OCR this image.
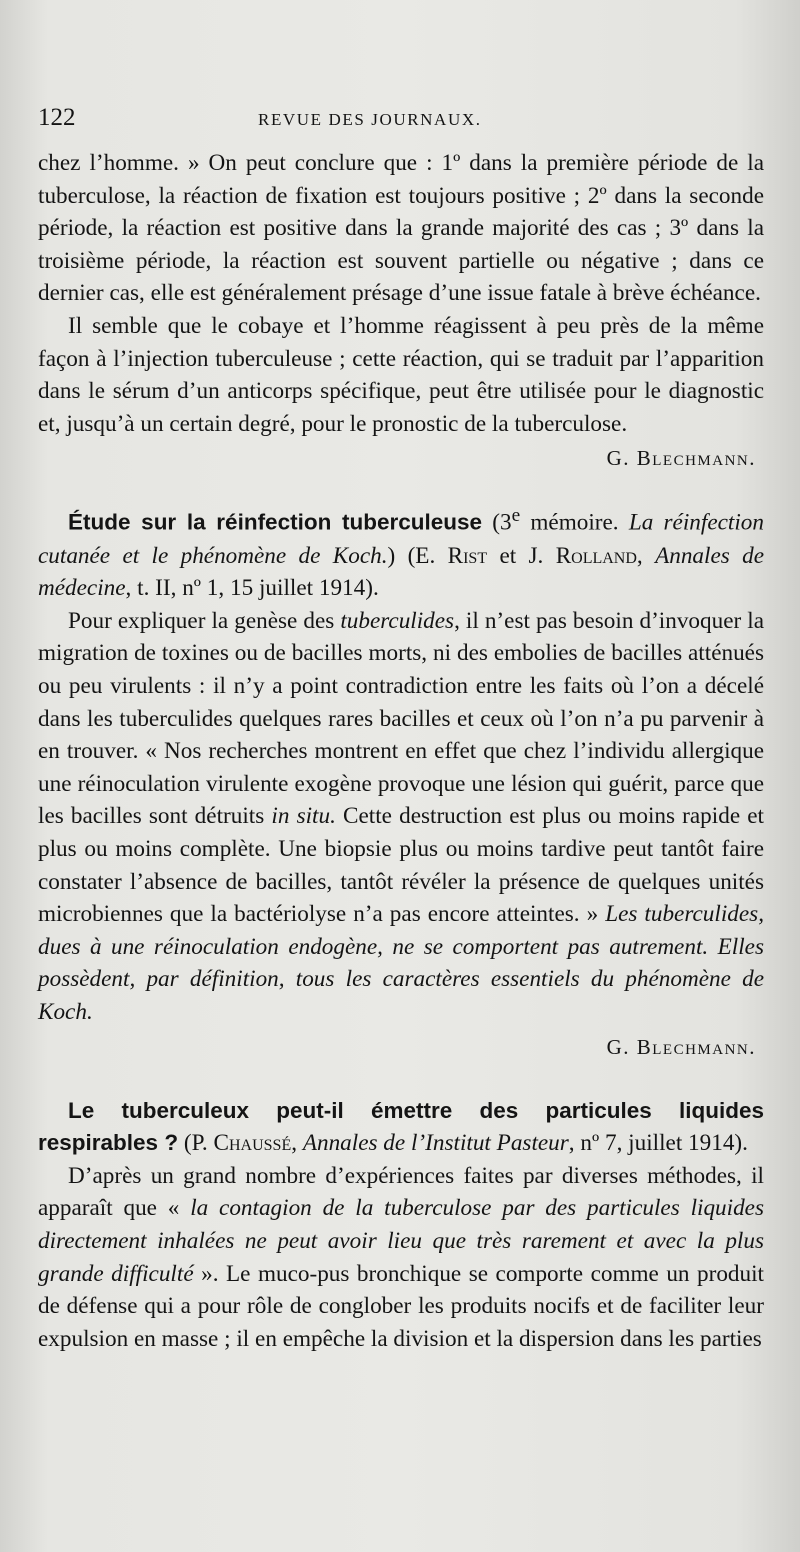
122	REVUE DES JOURNAUX.

chez l’homme. » On peut conclure que : 1º dans la première période de la tuberculose, la réaction de fixation est toujours positive ; 2º dans la seconde période, la réaction est positive dans la grande majorité des cas ; 3º dans la troisième période, la réaction est souvent partielle ou négative ; dans ce dernier cas, elle est généralement présage d’une issue fatale à brève échéance.

Il semble que le cobaye et l’homme réagissent à peu près de la même façon à l’injection tuberculeuse ; cette réaction, qui se traduit par l’apparition dans le sérum d’un anticorps spécifique, peut être utilisée pour le diagnostic et, jusqu’à un certain degré, pour le pronostic de la tuberculose.

G. Blechmann.

Étude sur la réinfection tuberculeuse (3e mémoire. La réinfection cutanée et le phénomène de Koch.) (E. Rist et J. Rolland, Annales de médecine, t. II, nº 1, 15 juillet 1914).

Pour expliquer la genèse des tuberculides, il n’est pas besoin d’invoquer la migration de toxines ou de bacilles morts, ni des embolies de bacilles atténués ou peu virulents : il n’y a point contradiction entre les faits où l’on a décelé dans les tuberculides quelques rares bacilles et ceux où l’on n’a pu parvenir à en trouver. « Nos recherches montrent en effet que chez l’individu allergique une réinoculation virulente exogène provoque une lésion qui guérit, parce que les bacilles sont détruits in situ. Cette destruction est plus ou moins rapide et plus ou moins complète. Une biopsie plus ou moins tardive peut tantôt faire constater l’absence de bacilles, tantôt révéler la présence de quelques unités microbiennes que la bactériolyse n’a pas encore atteintes. » Les tuberculides, dues à une réinoculation endogène, ne se comportent pas autrement. Elles possèdent, par définition, tous les caractères essentiels du phénomène de Koch.

G. Blechmann.

Le tuberculeux peut-il émettre des particules liquides respirables ? (P. Chaussé, Annales de l’Institut Pasteur, nº 7, juillet 1914).

D’après un grand nombre d’expériences faites par diverses méthodes, il apparaît que « la contagion de la tuberculose par des particules liquides directement inhalées ne peut avoir lieu que très rarement et avec la plus grande difficulté ». Le muco-pus bronchique se comporte comme un produit de défense qui a pour rôle de conglober les produits nocifs et de faciliter leur expulsion en masse ; il en empêche la division et la dispersion dans les parties
